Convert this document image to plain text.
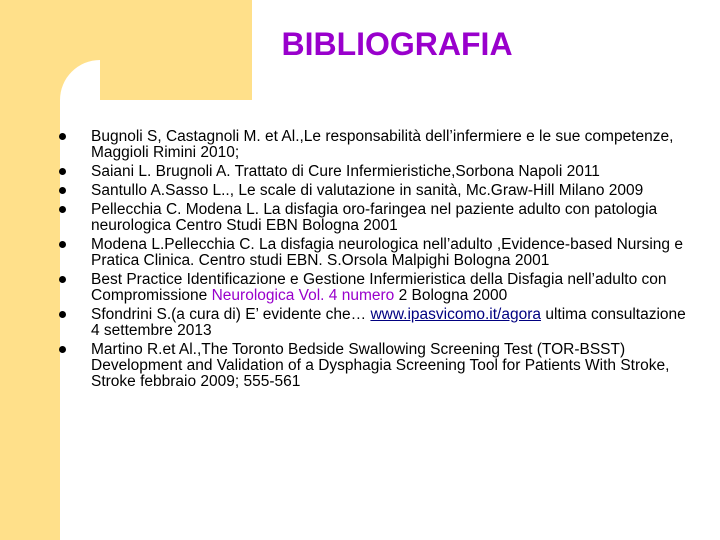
BIBLIOGRAFIA
Bugnoli S, Castagnoli M. et Al.,Le responsabilità dell’infermiere e le sue competenze, Maggioli Rimini 2010;
Saiani L. Brugnoli A. Trattato di Cure Infermieristiche,Sorbona Napoli 2011
Santullo A.Sasso L.., Le scale di valutazione in sanità, Mc.Graw-Hill Milano 2009
Pellecchia C. Modena L. La disfagia oro-faringea nel paziente adulto con patologia neurologica Centro Studi EBN Bologna 2001
Modena L.Pellecchia C. La disfagia neurologica nell’adulto ,Evidence-based Nursing e Pratica Clinica. Centro studi EBN. S.Orsola Malpighi Bologna 2001
Best Practice Identificazione e Gestione Infermieristica della Disfagia nell’adulto con Compromissione Neurologica Vol. 4 numero 2 Bologna 2000
Sfondrini S.(a cura di) E’ evidente che… www.ipasvicomo.it/agora ultima consultazione 4 settembre 2013
Martino R.et Al.,The Toronto Bedside Swallowing Screening Test (TOR-BSST) Development and Validation of a Dysphagia Screening Tool for Patients With Stroke, Stroke febbraio 2009; 555-561
